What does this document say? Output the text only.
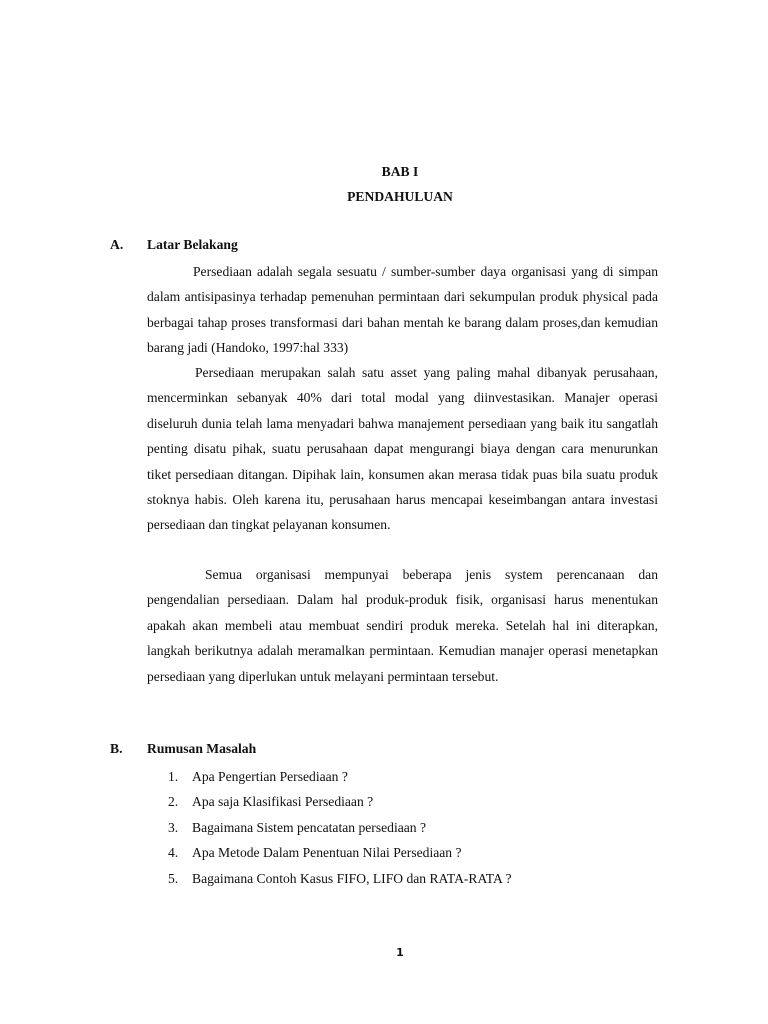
BAB I
PENDAHULUAN
A. Latar Belakang

Persediaan adalah segala sesuatu / sumber-sumber daya organisasi yang di simpan dalam antisipasinya terhadap pemenuhan permintaan dari sekumpulan produk physical pada berbagai tahap proses transformasi dari bahan mentah ke barang dalam proses,dan kemudian barang jadi (Handoko, 1997:hal 333)

Persediaan merupakan salah satu asset yang paling mahal dibanyak perusahaan, mencerminkan sebanyak 40% dari total modal yang diinvestasikan. Manajer operasi diseluruh dunia telah lama menyadari bahwa manajement persediaan yang baik itu sangatlah penting disatu pihak, suatu perusahaan dapat mengurangi biaya dengan cara menurunkan tiket persediaan ditangan. Dipihak lain, konsumen akan merasa tidak puas bila suatu produk stoknya habis. Oleh karena itu, perusahaan harus mencapai keseimbangan antara investasi persediaan dan tingkat pelayanan konsumen.

Semua organisasi mempunyai beberapa jenis system perencanaan dan pengendalian persediaan. Dalam hal produk-produk fisik, organisasi harus menentukan apakah akan membeli atau membuat sendiri produk mereka. Setelah hal ini diterapkan, langkah berikutnya adalah meramalkan permintaan. Kemudian manajer operasi menetapkan persediaan yang diperlukan untuk melayani permintaan tersebut.

B. Rumusan Masalah
1. Apa Pengertian Persediaan ?
2. Apa saja Klasifikasi Persediaan ?
3. Bagaimana Sistem pencatatan persediaan ?
4. Apa Metode Dalam Penentuan Nilai Persediaan ?
5. Bagaimana Contoh Kasus FIFO, LIFO dan RATA-RATA ?
1
